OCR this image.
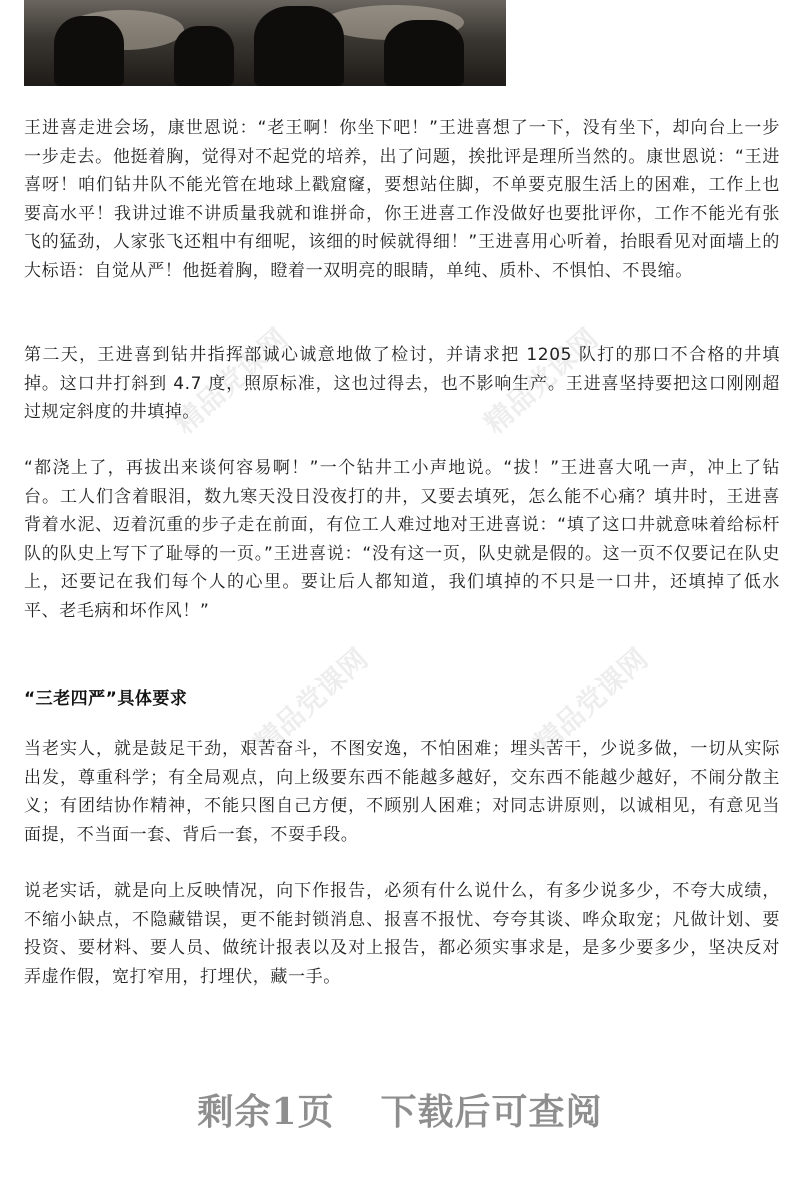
精品党课网	精品党课网
精品党课网	精品党课网

王进喜走进会场，康世恩说：“老王啊！你坐下吧！”王进喜想了一下，没有坐下，却向台上一步一步走去。他挺着胸，觉得对不起党的培养，出了问题，挨批评是理所当然的。康世恩说：“王进喜呀！咱们钻井队不能光管在地球上戳窟窿，要想站住脚，不单要克服生活上的困难，工作上也要高水平！我讲过谁不讲质量我就和谁拼命，你王进喜工作没做好也要批评你，工作不能光有张飞的猛劲，人家张飞还粗中有细呢，该细的时候就得细！”王进喜用心听着，抬眼看见对面墙上的大标语：自觉从严！他挺着胸，瞪着一双明亮的眼睛，单纯、质朴、不惧怕、不畏缩。

第二天，王进喜到钻井指挥部诚心诚意地做了检讨，并请求把 1205 队打的那口不合格的井填掉。这口井打斜到 4.7 度，照原标准，这也过得去，也不影响生产。王进喜坚持要把这口刚刚超过规定斜度的井填掉。

“都浇上了，再拔出来谈何容易啊！”一个钻井工小声地说。“拔！”王进喜大吼一声，冲上了钻台。工人们含着眼泪，数九寒天没日没夜打的井，又要去填死，怎么能不心痛？填井时，王进喜背着水泥、迈着沉重的步子走在前面，有位工人难过地对王进喜说：“填了这口井就意味着给标杆队的队史上写下了耻辱的一页。”王进喜说：“没有这一页，队史就是假的。这一页不仅要记在队史上，还要记在我们每个人的心里。要让后人都知道，我们填掉的不只是一口井，还填掉了低水平、老毛病和坏作风！”

“三老四严”具体要求

当老实人，就是鼓足干劲，艰苦奋斗，不图安逸，不怕困难；埋头苦干，少说多做，一切从实际出发，尊重科学；有全局观点，向上级要东西不能越多越好，交东西不能越少越好，不闹分散主义；有团结协作精神，不能只图自己方便，不顾别人困难；对同志讲原则，以诚相见，有意见当面提，不当面一套、背后一套，不耍手段。

说老实话，就是向上反映情况，向下作报告，必须有什么说什么，有多少说多少，不夸大成绩，不缩小缺点，不隐藏错误，更不能封锁消息、报喜不报忧、夸夸其谈、哗众取宠；凡做计划、要投资、要材料、要人员、做统计报表以及对上报告，都必须实事求是，是多少要多少，坚决反对弄虚作假，宽打窄用，打埋伏，藏一手。

剩余1页 下载后可查阅
